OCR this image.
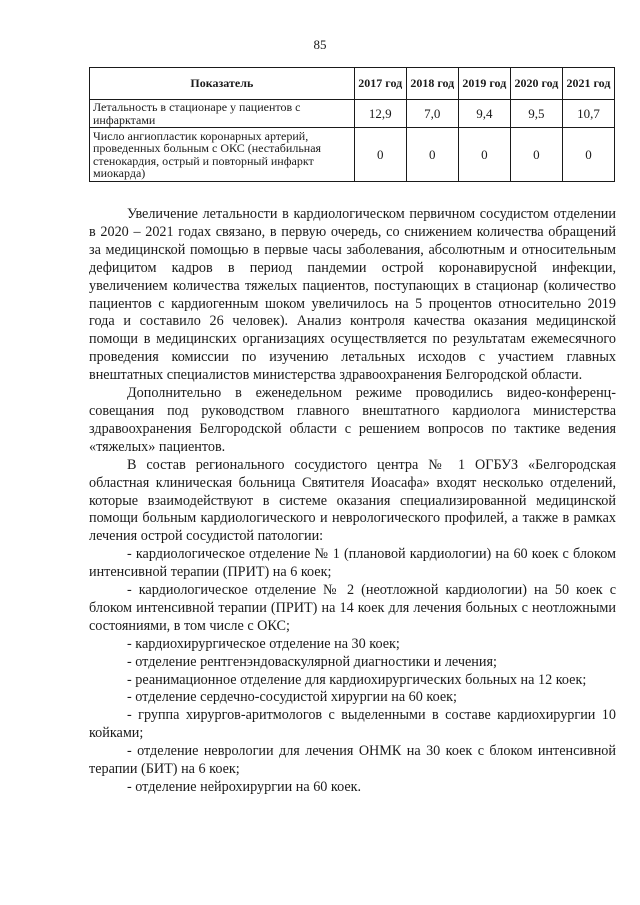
85
Показатель	2017 год	2018 год	2019 год	2020 год	2021 год
Летальность в стационаре у пациентов с инфарктами	12,9	7,0	9,4	9,5	10,7
Число ангиопластик коронарных артерий, проведенных больным с ОКС (нестабильная стенокардия, острый и повторный инфаркт миокарда)	0	0	0	0	0

Увеличение летальности в кардиологическом первичном сосудистом отделении в 2020 – 2021 годах связано, в первую очередь, со снижением количества обращений за медицинской помощью в первые часы заболевания, абсолютным и относительным дефицитом кадров в период пандемии острой коронавирусной инфекции, увеличением количества тяжелых пациентов, поступающих в стационар (количество пациентов с кардиогенным шоком увеличилось на 5 процентов относительно 2019 года и составило 26 человек). Анализ контроля качества оказания медицинской помощи в медицинских организациях осуществляется по результатам ежемесячного проведения комиссии по изучению летальных исходов с участием главных внештатных специалистов министерства здравоохранения Белгородской области.

Дополнительно в еженедельном режиме проводились видео-конференц-совещания под руководством главного внештатного кардиолога министерства здравоохранения Белгородской области с решением вопросов по тактике ведения «тяжелых» пациентов.

В состав регионального сосудистого центра № 1 ОГБУЗ «Белгородская областная клиническая больница Святителя Иоасафа» входят несколько отделений, которые взаимодействуют в системе оказания специализированной медицинской помощи больным кардиологического и неврологического профилей, а также в рамках лечения острой сосудистой патологии:

- кардиологическое отделение № 1 (плановой кардиологии) на 60 коек с блоком интенсивной терапии (ПРИТ) на 6 коек;

- кардиологическое отделение № 2 (неотложной кардиологии) на 50 коек с блоком интенсивной терапии (ПРИТ) на 14 коек для лечения больных с неотложными состояниями, в том числе с ОКС;

- кардиохирургическое отделение на 30 коек;

- отделение рентгенэндоваскулярной диагностики и лечения;

- реанимационное отделение для кардиохирургических больных на 12 коек;

- отделение сердечно-сосудистой хирургии на 60 коек;

- группа хирургов-аритмологов с выделенными в составе кардиохирургии 10 койками;

- отделение неврологии для лечения ОНМК на 30 коек с блоком интенсивной терапии (БИТ) на 6 коек;

- отделение нейрохирургии на 60 коек.
